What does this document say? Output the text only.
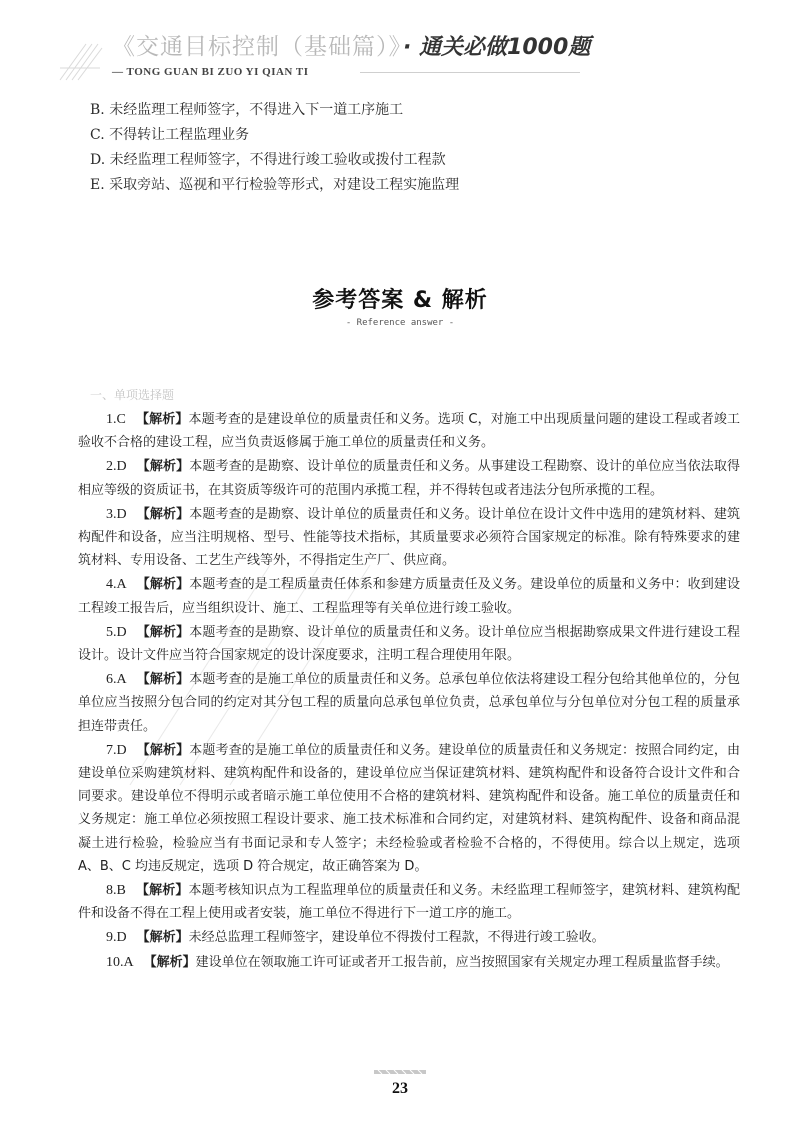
《交通目标控制（基础篇）》
· 通关必做1000题
— TONG GUAN BI ZUO YI QIAN TI
B. 未经监理工程师签字，不得进入下一道工序施工
C. 不得转让工程监理业务
D. 未经监理工程师签字，不得进行竣工验收或拨付工程款
E. 采取旁站、巡视和平行检验等形式，对建设工程实施监理
参考答案 & 解析
- Reference answer -
一、单项选择题

1.C 【解析】本题考查的是建设单位的质量责任和义务。选项 C，对施工中出现质量问题的建设工程或者竣工验收不合格的建设工程，应当负责返修属于施工单位的质量责任和义务。

2.D 【解析】本题考查的是勘察、设计单位的质量责任和义务。从事建设工程勘察、设计的单位应当依法取得相应等级的资质证书，在其资质等级许可的范围内承揽工程，并不得转包或者违法分包所承揽的工程。

3.D 【解析】本题考查的是勘察、设计单位的质量责任和义务。设计单位在设计文件中选用的建筑材料、建筑构配件和设备，应当注明规格、型号、性能等技术指标，其质量要求必须符合国家规定的标准。除有特殊要求的建筑材料、专用设备、工艺生产线等外，不得指定生产厂、供应商。

4.A 【解析】本题考查的是工程质量责任体系和参建方质量责任及义务。建设单位的质量和义务中：收到建设工程竣工报告后，应当组织设计、施工、工程监理等有关单位进行竣工验收。

5.D 【解析】本题考查的是勘察、设计单位的质量责任和义务。设计单位应当根据勘察成果文件进行建设工程设计。设计文件应当符合国家规定的设计深度要求，注明工程合理使用年限。

6.A 【解析】本题考查的是施工单位的质量责任和义务。总承包单位依法将建设工程分包给其他单位的，分包单位应当按照分包合同的约定对其分包工程的质量向总承包单位负责，总承包单位与分包单位对分包工程的质量承担连带责任。

7.D 【解析】本题考查的是施工单位的质量责任和义务。建设单位的质量责任和义务规定：按照合同约定，由建设单位采购建筑材料、建筑构配件和设备的，建设单位应当保证建筑材料、建筑构配件和设备符合设计文件和合同要求。建设单位不得明示或者暗示施工单位使用不合格的建筑材料、建筑构配件和设备。施工单位的质量责任和义务规定：施工单位必须按照工程设计要求、施工技术标准和合同约定，对建筑材料、建筑构配件、设备和商品混凝土进行检验，检验应当有书面记录和专人签字；未经检验或者检验不合格的，不得使用。综合以上规定，选项 A、B、C 均违反规定，选项 D 符合规定，故正确答案为 D。

8.B 【解析】本题考核知识点为工程监理单位的质量责任和义务。未经监理工程师签字，建筑材料、建筑构配件和设备不得在工程上使用或者安装，施工单位不得进行下一道工序的施工。

9.D 【解析】未经总监理工程师签字，建设单位不得拨付工程款，不得进行竣工验收。

10.A 【解析】建设单位在领取施工许可证或者开工报告前，应当按照国家有关规定办理工程质量监督手续。

23
